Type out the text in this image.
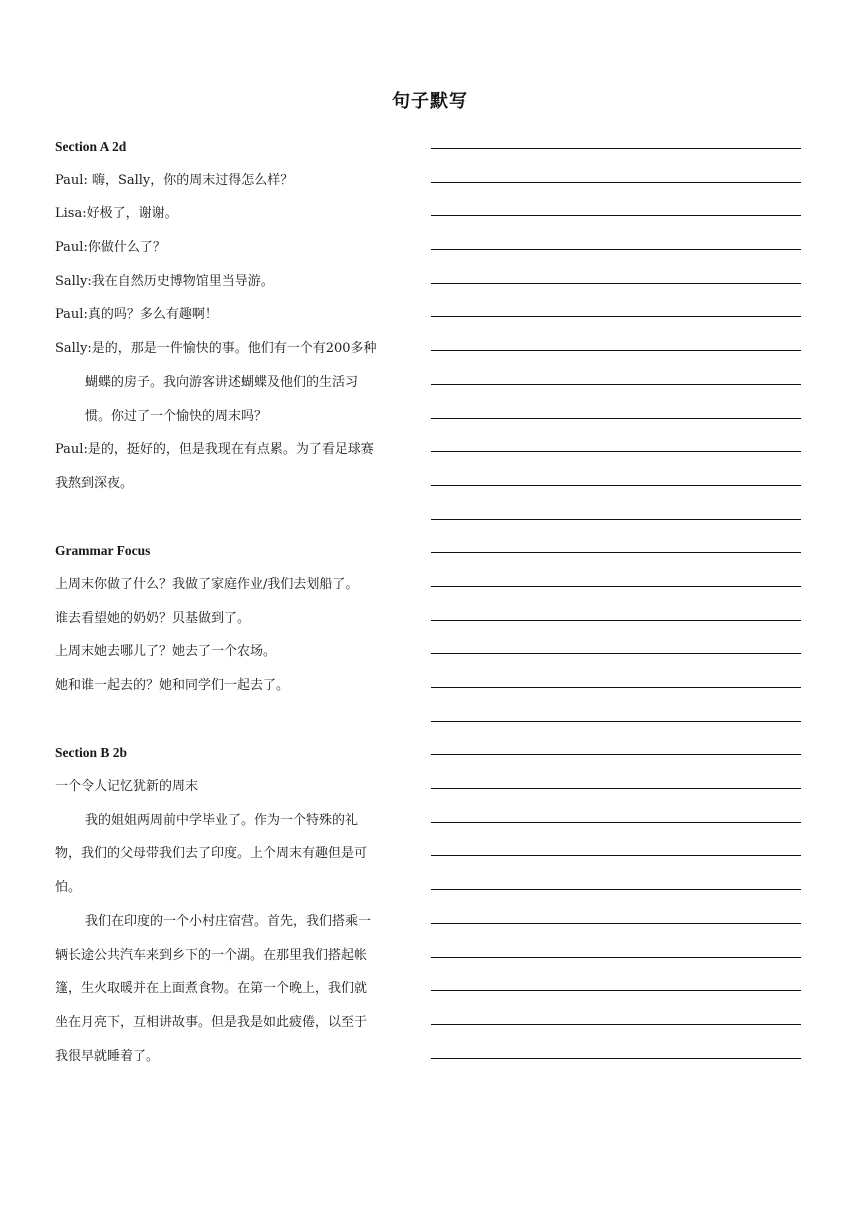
句子默写
Section A 2d
Paul: 嗨，Sally，你的周末过得怎么样？
Lisa:好极了，谢谢。
Paul:你做什么了？
Sally:我在自然历史博物馆里当导游。
Paul:真的吗？多么有趣啊！
Sally:是的，那是一件愉快的事。他们有一个有200多种
蝴蝶的房子。我向游客讲述蝴蝶及他们的生活习
惯。你过了一个愉快的周末吗？
Paul:是的，挺好的，但是我现在有点累。为了看足球赛
我熬到深夜。
Grammar Focus
上周末你做了什么？我做了家庭作业/我们去划船了。
谁去看望她的奶奶？贝基做到了。
上周末她去哪儿了？她去了一个农场。
她和谁一起去的？她和同学们一起去了。
Section B 2b
一个令人记忆犹新的周末
我的姐姐两周前中学毕业了。作为一个特殊的礼
物，我们的父母带我们去了印度。上个周末有趣但是可
怕。
我们在印度的一个小村庄宿营。首先，我们搭乘一
辆长途公共汽车来到乡下的一个湖。在那里我们搭起帐
篷，生火取暖并在上面煮食物。在第一个晚上，我们就
坐在月亮下，互相讲故事。但是我是如此疲倦，以至于
我很早就睡着了。
